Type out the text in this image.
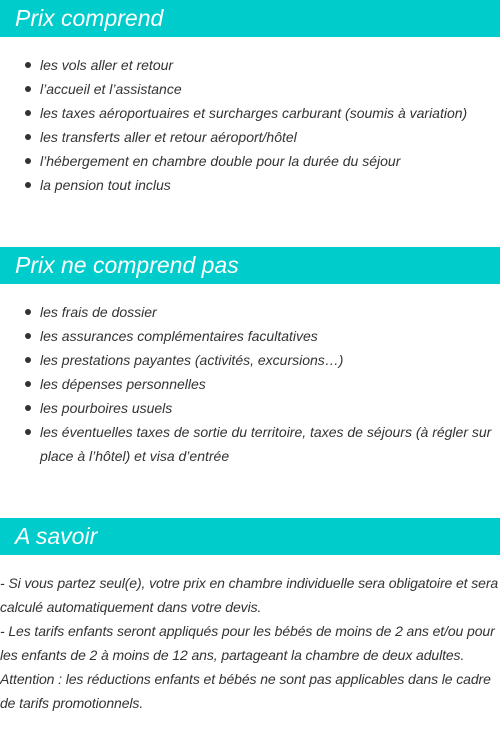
Prix comprend
les vols aller et retour
l’accueil et l’assistance
les taxes aéroportuaires et surcharges carburant (soumis à variation)
les transferts aller et retour aéroport/hôtel
l’hébergement en chambre double pour la durée du séjour
la pension tout inclus
Prix ne comprend pas
les frais de dossier
les assurances complémentaires facultatives
les prestations payantes (activités, excursions…)
les dépenses personnelles
les pourboires usuels
les éventuelles taxes de sortie du territoire, taxes de séjours (à régler sur place à l’hôtel) et visa d’entrée
A savoir

- Si vous partez seul(e), votre prix en chambre individuelle sera obligatoire et sera calculé automatiquement dans votre devis.

- Les tarifs enfants seront appliqués pour les bébés de moins de 2 ans et/ou pour les enfants de 2 à moins de 12 ans, partageant la chambre de deux adultes.

Attention : les réductions enfants et bébés ne sont pas applicables dans le cadre de tarifs promotionnels.
